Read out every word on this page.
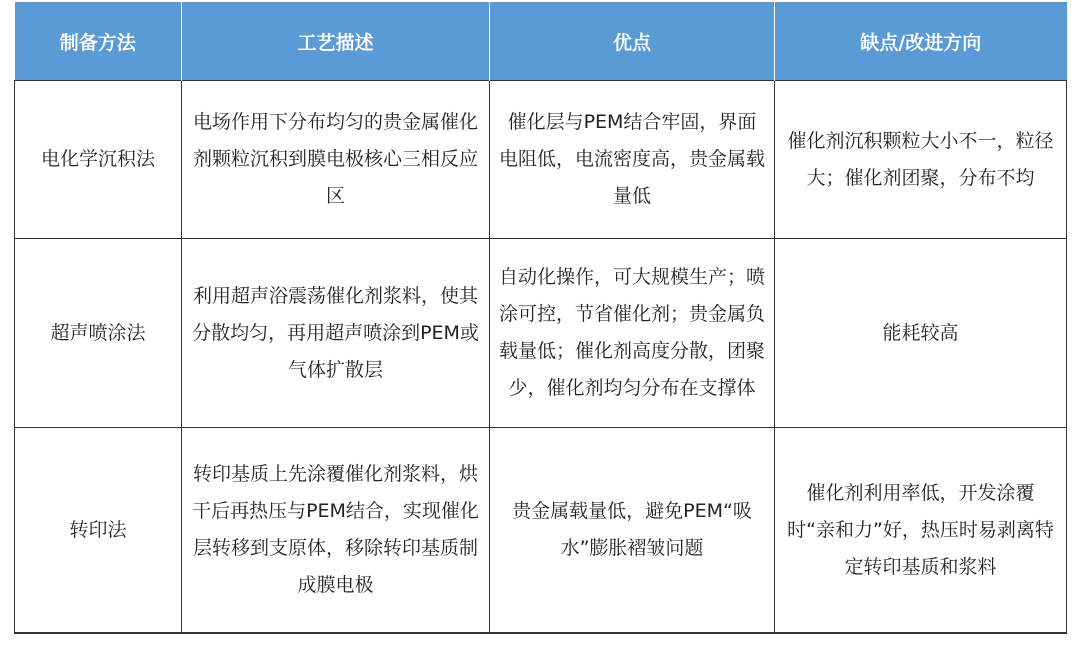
制备方法	工艺描述	优点	缺点/改进方向
电化学沉积法	电场作用下分布均匀的贵金属催化剂颗粒沉积到膜电极核心三相反应区	催化层与PEM结合牢固，界面电阻低，电流密度高，贵金属载量低	催化剂沉积颗粒大小不一，粒径大；催化剂团聚，分布不均
超声喷涂法	利用超声浴震荡催化剂浆料，使其分散均匀，再用超声喷涂到PEM或气体扩散层	自动化操作，可大规模生产；喷涂可控，节省催化剂；贵金属负载量低；催化剂高度分散，团聚少，催化剂均匀分布在支撑体	能耗较高
转印法	转印基质上先涂覆催化剂浆料，烘干后再热压与PEM结合，实现催化层转移到支原体，移除转印基质制成膜电极	贵金属载量低，避免PEM“吸水”膨胀褶皱问题	催化剂利用率低，开发涂覆时“亲和力”好，热压时易剥离特定转印基质和浆料
